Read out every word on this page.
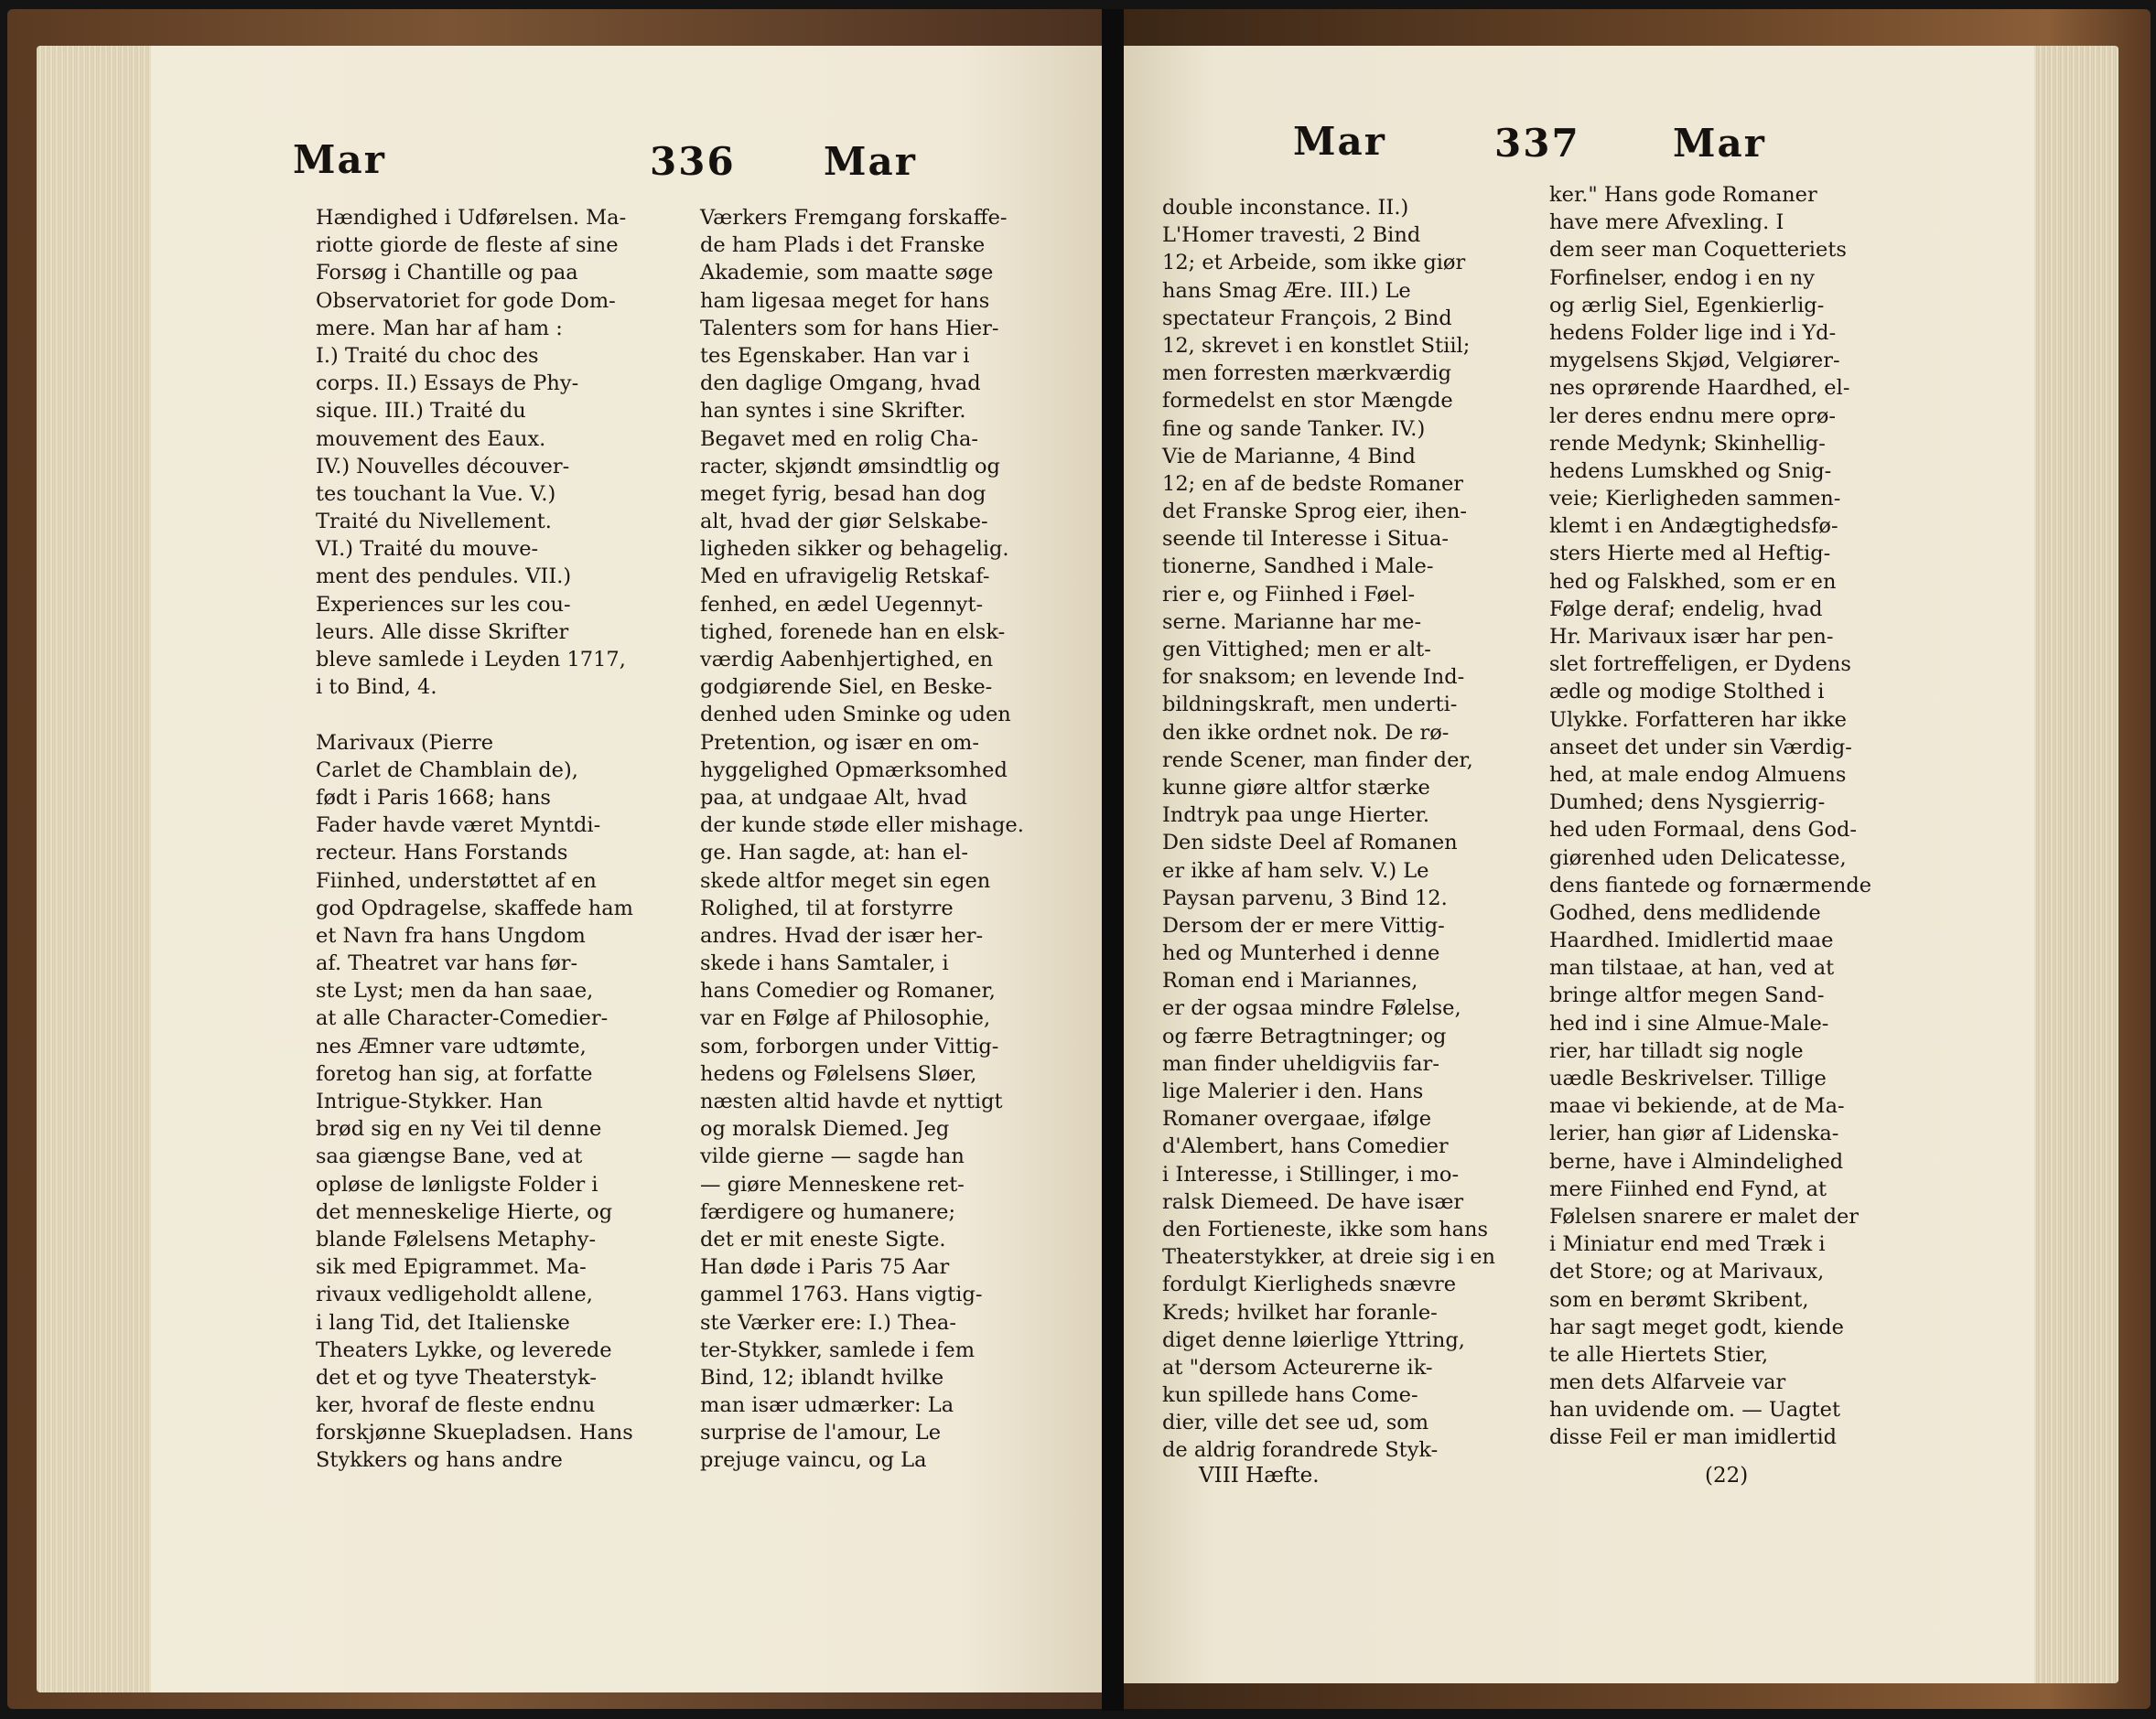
Mar	336 Mar
Hændighed i Udførelsen. Ma-
riotte giorde de fleste af sine
Forsøg i Chantille og paa
Observatoriet for gode Dom-
mere. Man har af ham :
I.) Traité du choc des
corps. II.) Essays de Phy-
sique. III.) Traité du
mouvement des Eaux.
IV.) Nouvelles découver-
tes touchant la Vue. V.)
Traité du Nivellement.
VI.) Traité du mouve-
ment des pendules. VII.)
Experiences sur les cou-
leurs. Alle disse Skrifter
bleve samlede i Leyden 1717,
i to Bind, 4.
Marivaux (Pierre
Carlet de Chamblain de),
født i Paris 1668; hans
Fader havde været Myntdi-
recteur. Hans Forstands
Fiinhed, understøttet af en
god Opdragelse, skaffede ham
et Navn fra hans Ungdom
af. Theatret var hans før-
ste Lyst; men da han saae,
at alle Character-Comedier-
nes Æmner vare udtømte,
foretog han sig, at forfatte
Intrigue-Stykker. Han
brød sig en ny Vei til denne
saa giængse Bane, ved at
opløse de lønligste Folder i
det menneskelige Hierte, og
blande Følelsens Metaphy-
sik med Epigrammet. Ma-
rivaux vedligeholdt allene,
i lang Tid, det Italienske
Theaters Lykke, og leverede
det et og tyve Theaterstyk-
ker, hvoraf de fleste endnu
forskjønne Skuepladsen. Hans
Stykkers og hans andre
Værkers Fremgang forskaffe-
de ham Plads i det Franske
Akademie, som maatte søge
ham ligesaa meget for hans
Talenters som for hans Hier-
tes Egenskaber. Han var i
den daglige Omgang, hvad
han syntes i sine Skrifter.
Begavet med en rolig Cha-
racter, skjøndt ømsindtlig og
meget fyrig, besad han dog
alt, hvad der giør Selskabe-
ligheden sikker og behagelig.
Med en ufravigelig Retskaf-
fenhed, en ædel Uegennyt-
tighed, forenede han en elsk-
værdig Aabenhjertighed, en
godgiørende Siel, en Beske-
denhed uden Sminke og uden
Pretention, og især en om-
hyggelighed Opmærksomhed
paa, at undgaae Alt, hvad
der kunde støde eller mishage.
ge. Han sagde, at: han el-
skede altfor meget sin egen
Rolighed, til at forstyrre
andres. Hvad der især her-
skede i hans Samtaler, i
hans Comedier og Romaner,
var en Følge af Philosophie,
som, forborgen under Vittig-
hedens og Følelsens Sløer,
næsten altid havde et nyttigt
og moralsk Diemed. Jeg
vilde gierne — sagde han
— giøre Menneskene ret-
færdigere og humanere;
det er mit eneste Sigte.
Han døde i Paris 75 Aar
gammel 1763. Hans vigtig-
ste Værker ere: I.) Thea-
ter-Stykker, samlede i fem
Bind, 12; iblandt hvilke
man især udmærker: La
surprise de l'amour, Le
prejuge vaincu, og La
Mar	337 Mar
double inconstance. II.)
L'Homer travesti, 2 Bind
12; et Arbeide, som ikke giør
hans Smag Ære. III.) Le
spectateur François, 2 Bind
12, skrevet i en konstlet Stiil;
men forresten mærkværdig
formedelst en stor Mængde
fine og sande Tanker. IV.)
Vie de Marianne, 4 Bind
12; en af de bedste Romaner
det Franske Sprog eier, ihen-
seende til Interesse i Situa-
tionerne, Sandhed i Male-
rier e, og Fiinhed i Føel-
serne. Marianne har me-
gen Vittighed; men er alt-
for snaksom; en levende Ind-
bildningskraft, men underti-
den ikke ordnet nok. De rø-
rende Scener, man finder der,
kunne giøre altfor stærke
Indtryk paa unge Hierter.
Den sidste Deel af Romanen
er ikke af ham selv. V.) Le
Paysan parvenu, 3 Bind 12.
Dersom der er mere Vittig-
hed og Munterhed i denne
Roman end i Mariannes,
er der ogsaa mindre Følelse,
og færre Betragtninger; og
man finder uheldigviis far-
lige Malerier i den. Hans
Romaner overgaae, ifølge
d'Alembert, hans Comedier
i Interesse, i Stillinger, i mo-
ralsk Diemeed. De have især
den Fortieneste, ikke som hans
Theaterstykker, at dreie sig i en
fordulgt Kierligheds snævre
Kreds; hvilket har foranle-
diget denne løierlige Yttring,
at "dersom Acteurerne ik-
kun spillede hans Come-
dier, ville det see ud, som
de aldrig forandrede Styk-
ker." Hans gode Romaner
have mere Afvexling. I
dem seer man Coquetteriets
Forfinelser, endog i en ny
og ærlig Siel, Egenkierlig-
hedens Folder lige ind i Yd-
mygelsens Skjød, Velgiører-
nes oprørende Haardhed, el-
ler deres endnu mere oprø-
rende Medynk; Skinhellig-
hedens Lumskhed og Snig-
veie; Kierligheden sammen-
klemt i en Andægtighedsfø-
sters Hierte med al Heftig-
hed og Falskhed, som er en
Følge deraf; endelig, hvad
Hr. Marivaux især har pen-
slet fortreffeligen, er Dydens
ædle og modige Stolthed i
Ulykke. Forfatteren har ikke
anseet det under sin Værdig-
hed, at male endog Almuens
Dumhed; dens Nysgierrig-
hed uden Formaal, dens God-
giørenhed uden Delicatesse,
dens fiantede og fornærmende
Godhed, dens medlidende
Haardhed. Imidlertid maae
man tilstaae, at han, ved at
bringe altfor megen Sand-
hed ind i sine Almue-Male-
rier, har tilladt sig nogle
uædle Beskrivelser. Tillige
maae vi bekiende, at de Ma-
lerier, han giør af Lidenska-
berne, have i Almindelighed
mere Fiinhed end Fynd, at
Følelsen snarere er malet der
i Miniatur end med Træk i
det Store; og at Marivaux,
som en berømt Skribent,
har sagt meget godt, kiende
te alle Hiertets Stier,
men dets Alfarveie var
han uvidende om. — Uagtet
disse Feil er man imidlertid
VIII Hæfte.	(22)
